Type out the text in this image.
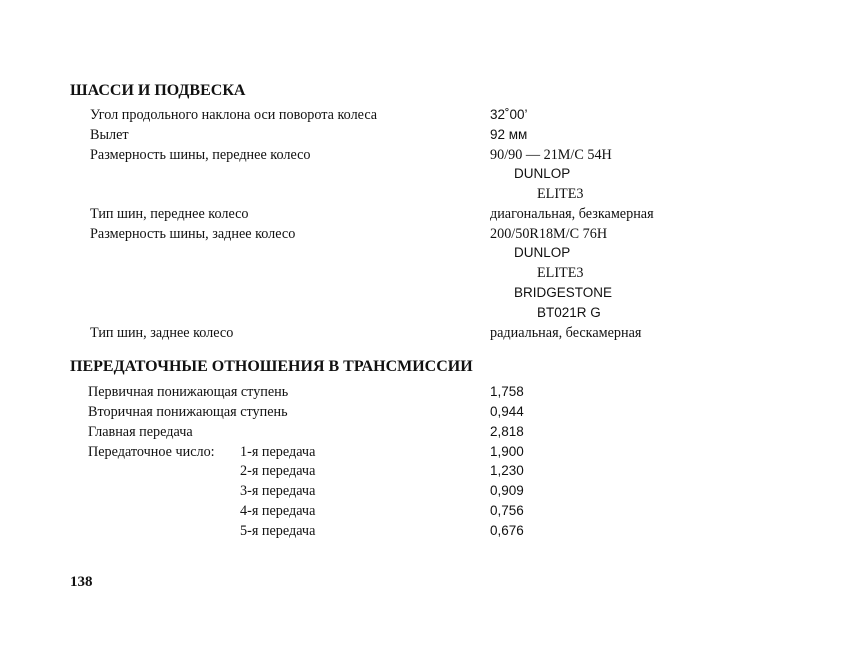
ШАССИ И ПОДВЕСКА
Угол продольного наклона оси поворота колеса	32˚00’
Вылет	92 мм
Размерность шины, переднее колесо	90/90 — 21M/C 54H
DUNLOP
ELITE3
Тип шин, переднее колесо	диагональная, безкамерная
Размерность шины, заднее колесо	200/50R18M/C 76H
DUNLOP
ELITE3
BRIDGESTONE
BT021R G
Тип шин, заднее колесо	радиальная, бескамерная
ПЕРЕДАТОЧНЫЕ ОТНОШЕНИЯ В ТРАНСМИССИИ
Первичная понижающая ступень	1,758
Вторичная понижающая ступень	0,944
Главная передача	2,818
Передаточное число: 1-я передача	1,900
2-я передача	1,230
3-я передача	0,909
4-я передача	0,756
5-я передача	0,676
138
